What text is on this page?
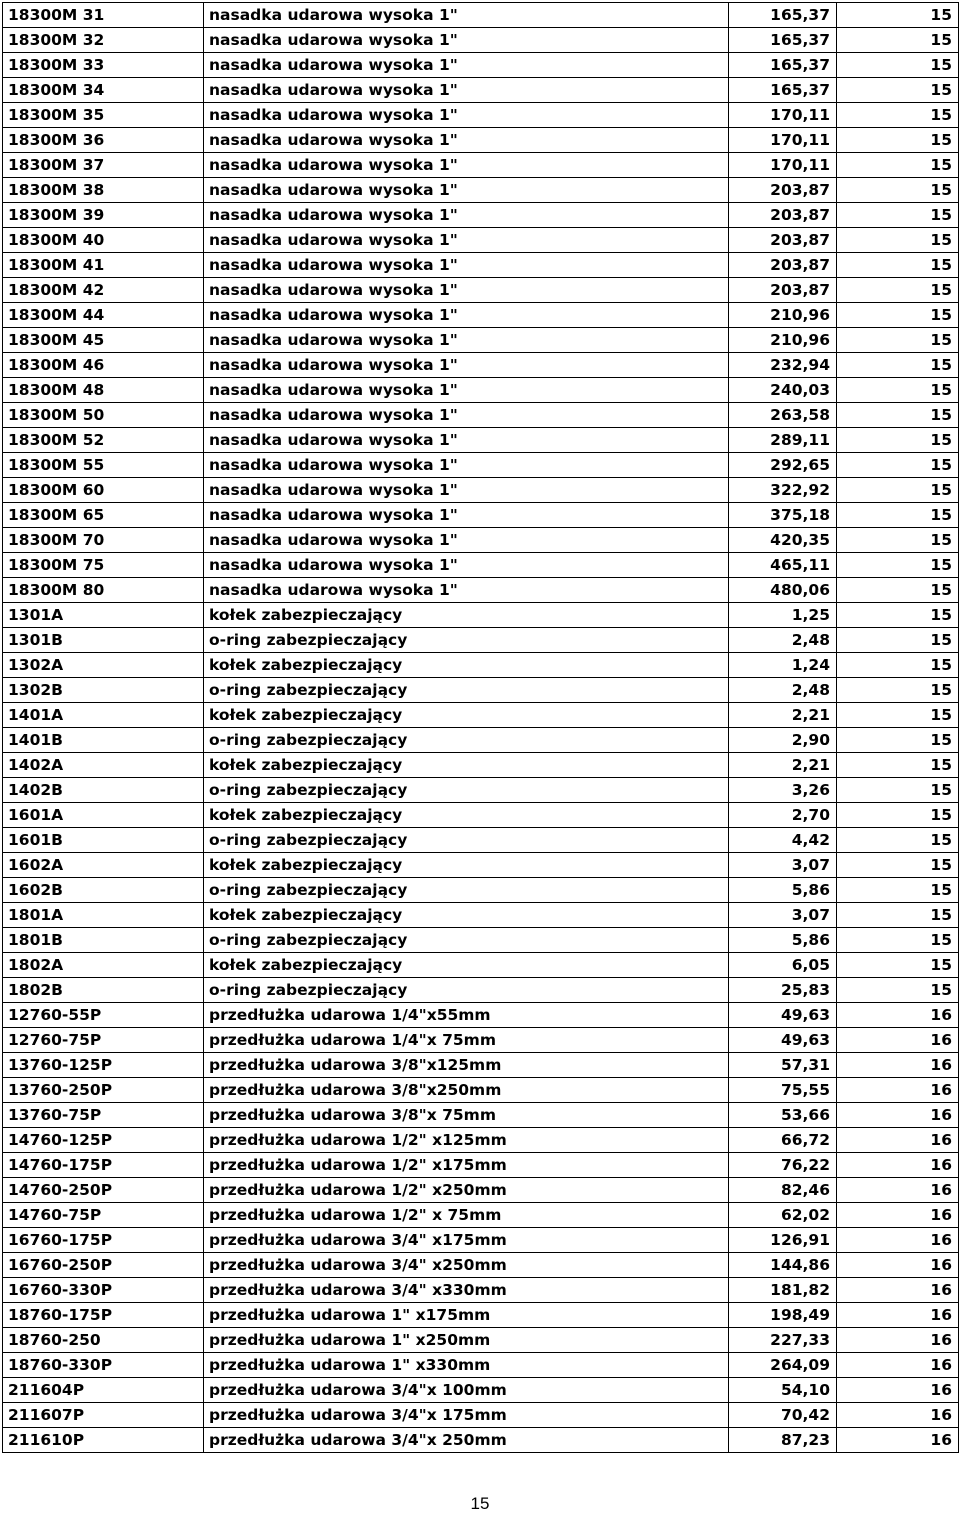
18300M 31	nasadka udarowa wysoka 1"	165,37	15
18300M 32	nasadka udarowa wysoka 1"	165,37	15
18300M 33	nasadka udarowa wysoka 1"	165,37	15
18300M 34	nasadka udarowa wysoka 1"	165,37	15
18300M 35	nasadka udarowa wysoka 1"	170,11	15
18300M 36	nasadka udarowa wysoka 1"	170,11	15
18300M 37	nasadka udarowa wysoka 1"	170,11	15
18300M 38	nasadka udarowa wysoka 1"	203,87	15
18300M 39	nasadka udarowa wysoka 1"	203,87	15
18300M 40	nasadka udarowa wysoka 1"	203,87	15
18300M 41	nasadka udarowa wysoka 1"	203,87	15
18300M 42	nasadka udarowa wysoka 1"	203,87	15
18300M 44	nasadka udarowa wysoka 1"	210,96	15
18300M 45	nasadka udarowa wysoka 1"	210,96	15
18300M 46	nasadka udarowa wysoka 1"	232,94	15
18300M 48	nasadka udarowa wysoka 1"	240,03	15
18300M 50	nasadka udarowa wysoka 1"	263,58	15
18300M 52	nasadka udarowa wysoka 1"	289,11	15
18300M 55	nasadka udarowa wysoka 1"	292,65	15
18300M 60	nasadka udarowa wysoka 1"	322,92	15
18300M 65	nasadka udarowa wysoka 1"	375,18	15
18300M 70	nasadka udarowa wysoka 1"	420,35	15
18300M 75	nasadka udarowa wysoka 1"	465,11	15
18300M 80	nasadka udarowa wysoka 1"	480,06	15
1301A	kołek zabezpieczający	1,25	15
1301B	o-ring zabezpieczający	2,48	15
1302A	kołek zabezpieczający	1,24	15
1302B	o-ring zabezpieczający	2,48	15
1401A	kołek zabezpieczający	2,21	15
1401B	o-ring zabezpieczający	2,90	15
1402A	kołek zabezpieczający	2,21	15
1402B	o-ring zabezpieczający	3,26	15
1601A	kołek zabezpieczający	2,70	15
1601B	o-ring zabezpieczający	4,42	15
1602A	kołek zabezpieczający	3,07	15
1602B	o-ring zabezpieczający	5,86	15
1801A	kołek zabezpieczający	3,07	15
1801B	o-ring zabezpieczający	5,86	15
1802A	kołek zabezpieczający	6,05	15
1802B	o-ring zabezpieczający	25,83	15
12760-55P	przedłużka udarowa 1/4"x55mm	49,63	16
12760-75P	przedłużka udarowa 1/4"x 75mm	49,63	16
13760-125P	przedłużka udarowa 3/8"x125mm	57,31	16
13760-250P	przedłużka udarowa 3/8"x250mm	75,55	16
13760-75P	przedłużka udarowa 3/8"x 75mm	53,66	16
14760-125P	przedłużka udarowa 1/2" x125mm	66,72	16
14760-175P	przedłużka udarowa 1/2" x175mm	76,22	16
14760-250P	przedłużka udarowa 1/2" x250mm	82,46	16
14760-75P	przedłużka udarowa 1/2" x 75mm	62,02	16
16760-175P	przedłużka udarowa 3/4" x175mm	126,91	16
16760-250P	przedłużka udarowa 3/4" x250mm	144,86	16
16760-330P	przedłużka udarowa 3/4" x330mm	181,82	16
18760-175P	przedłużka udarowa 1" x175mm	198,49	16
18760-250	przedłużka udarowa 1" x250mm	227,33	16
18760-330P	przedłużka udarowa 1" x330mm	264,09	16
211604P	przedłużka udarowa 3/4"x 100mm	54,10	16
211607P	przedłużka udarowa 3/4"x 175mm	70,42	16
211610P	przedłużka udarowa 3/4"x 250mm	87,23	16
15
